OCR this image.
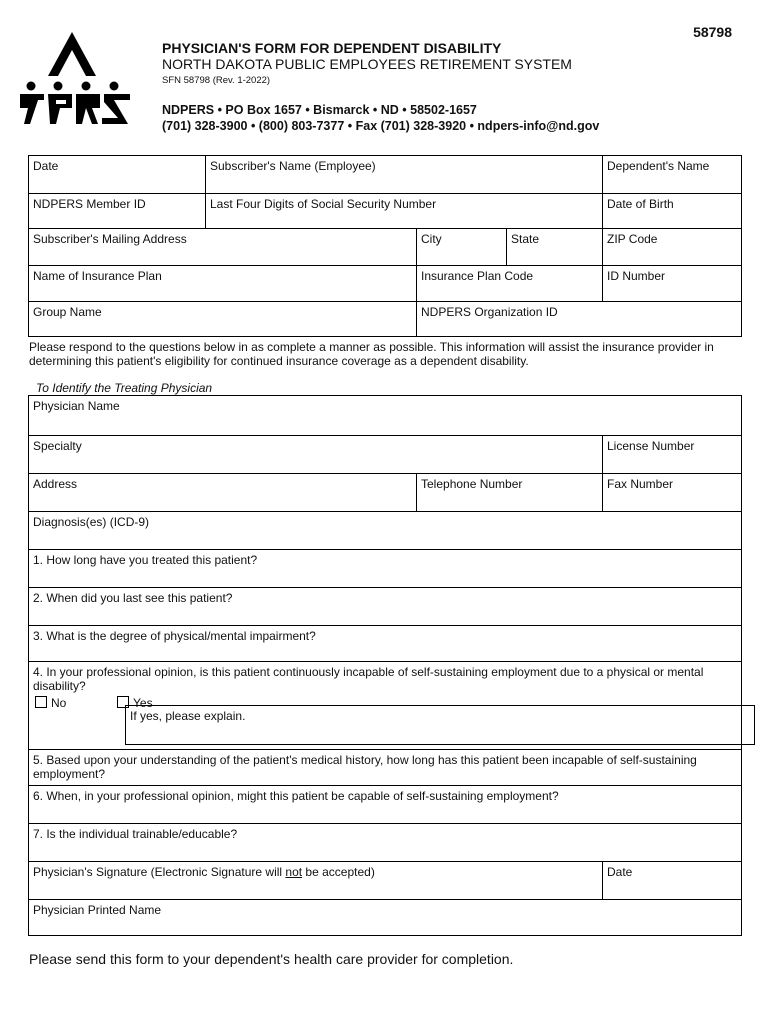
58798
PHYSICIAN'S FORM FOR DEPENDENT DISABILITY
NORTH DAKOTA PUBLIC EMPLOYEES RETIREMENT SYSTEM
SFN 58798 (Rev. 1-2022)
NDPERS • PO Box 1657 • Bismarck • ND • 58502-1657
(701) 328-3900 • (800) 803-7377 • Fax (701) 328-3920 • ndpers-info@nd.gov
Date	Subscriber's Name (Employee)	Dependent's Name
NDPERS Member ID	Last Four Digits of Social Security Number	Date of Birth
Subscriber's Mailing Address	City	State	ZIP Code
Name of Insurance Plan	Insurance Plan Code	ID Number
Group Name	NDPERS Organization ID
Please respond to the questions below in as complete a manner as possible. This information will assist the insurance provider in determining this patient's eligibility for continued insurance coverage as a dependent disability.
To Identify the Treating Physician
Physician Name
Specialty	License Number
Address	Telephone Number	Fax Number
Diagnosis(es) (ICD-9)
1. How long have you treated this patient?
2. When did you last see this patient?
3. What is the degree of physical/mental impairment?
4. In your professional opinion, is this patient continuously incapable of self-sustaining employment due to a physical or mental disability?
No	Yes
If yes, please explain.
5. Based upon your understanding of the patient's medical history, how long has this patient been incapable of self-sustaining employment?
6. When, in your professional opinion, might this patient be capable of self-sustaining employment?
7. Is the individual trainable/educable?
Physician's Signature (Electronic Signature will not be accepted)	Date
Physician Printed Name
Please send this form to your dependent's health care provider for completion.
